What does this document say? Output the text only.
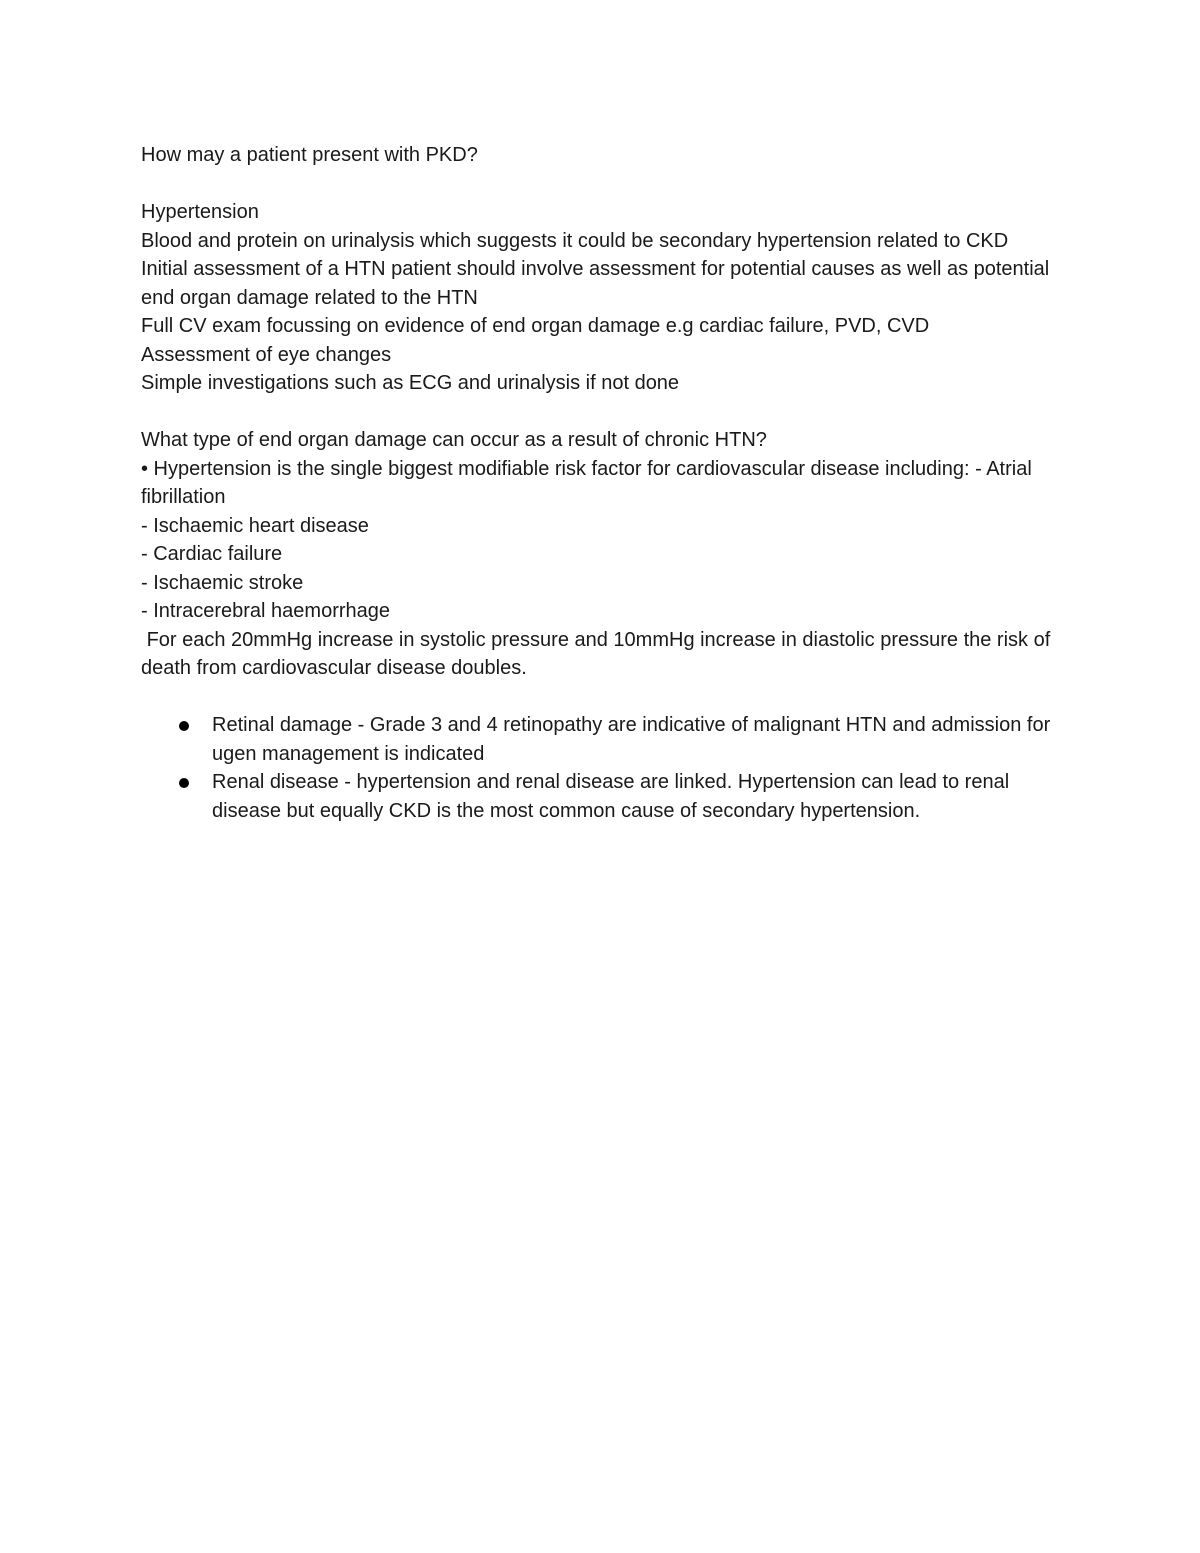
How may a patient present with PKD?

Hypertension

Blood and protein on urinalysis which suggests it could be secondary hypertension related to CKD

Initial assessment of a HTN patient should involve assessment for potential causes as well as potential end organ damage related to the HTN

Full CV exam focussing on evidence of end organ damage e.g cardiac failure, PVD, CVD

Assessment of eye changes

Simple investigations such as ECG and urinalysis if not done

What type of end organ damage can occur as a result of chronic HTN?

• Hypertension is the single biggest modifiable risk factor for cardiovascular disease including: - Atrial fibrillation

- Ischaemic heart disease

- Cardiac failure

- Ischaemic stroke

- Intracerebral haemorrhage

For each 20mmHg increase in systolic pressure and 10mmHg increase in diastolic pressure the risk of death from cardiovascular disease doubles.

Retinal damage - Grade 3 and 4 retinopathy are indicative of malignant HTN and admission for ugen management is indicated
Renal disease - hypertension and renal disease are linked. Hypertension can lead to renal disease but equally CKD is the most common cause of secondary hypertension.
